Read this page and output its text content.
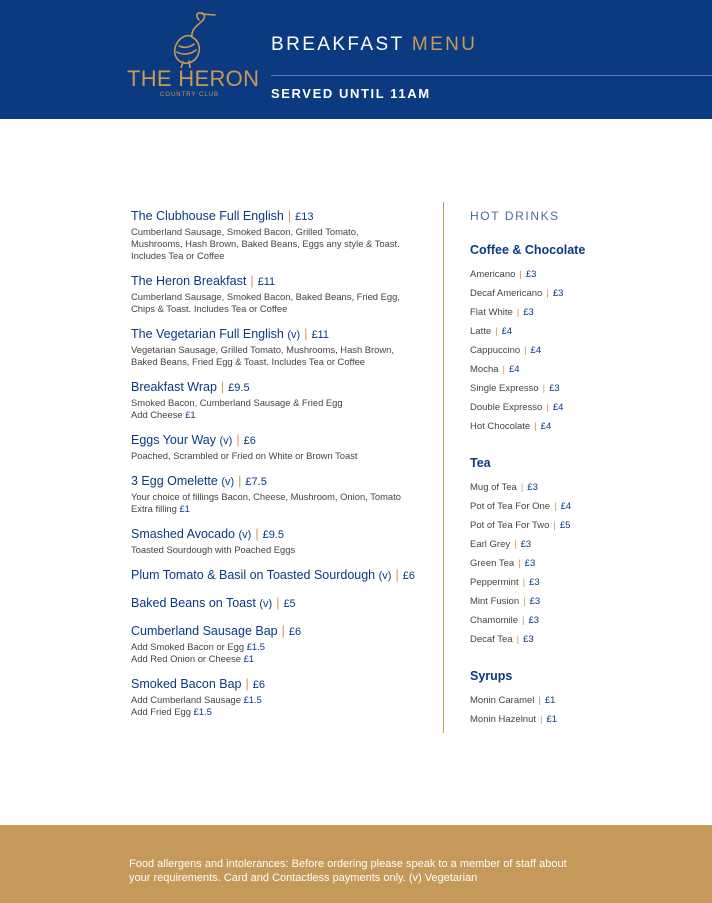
THE HERON
COUNTRY CLUB
BREAKFAST MENU
SERVED UNTIL 11AM
The Clubhouse Full English | £13
Cumberland Sausage, Smoked Bacon, Grilled Tomato,
Mushrooms, Hash Brown, Baked Beans, Eggs any style & Toast.
Includes Tea or Coffee
The Heron Breakfast | £11
Cumberland Sausage, Smoked Bacon, Baked Beans, Fried Egg,
Chips & Toast. Includes Tea or Coffee
The Vegetarian Full English (v) | £11
Vegetarian Sausage, Grilled Tomato, Mushrooms, Hash Brown,
Baked Beans, Fried Egg & Toast. Includes Tea or Coffee
Breakfast Wrap | £9.5
Smoked Bacon, Cumberland Sausage & Fried Egg
Add Cheese £1
Eggs Your Way (v) | £6
Poached, Scrambled or Fried on White or Brown Toast
3 Egg Omelette (v) | £7.5
Your choice of fillings Bacon, Cheese, Mushroom, Onion, Tomato
Extra filling £1
Smashed Avocado (v) | £9.5
Toasted Sourdough with Poached Eggs
Plum Tomato & Basil on Toasted Sourdough (v) | £6
Baked Beans on Toast (v) | £5
Cumberland Sausage Bap | £6
Add Smoked Bacon or Egg £1.5
Add Red Onion or Cheese £1
Smoked Bacon Bap | £6
Add Cumberland Sausage £1.5
Add Fried Egg £1.5
HOT DRINKS
Coffee & Chocolate
Americano | £3
Decaf Americano | £3
Flat White | £3
Latte | £4
Cappuccino | £4
Mocha | £4
Single Expresso | £3
Double Expresso | £4
Hot Chocolate | £4
Tea
Mug of Tea | £3
Pot of Tea For One | £4
Pot of Tea For Two | £5
Earl Grey | £3
Green Tea | £3
Peppermint | £3
Mint Fusion | £3
Chamomile | £3
Decaf Tea | £3
Syrups
Monin Caramel | £1
Monin Hazelnut | £1
Food allergens and intolerances: Before ordering please speak to a member of staff about
your requirements. Card and Contactless payments only. (v) Vegetarian
